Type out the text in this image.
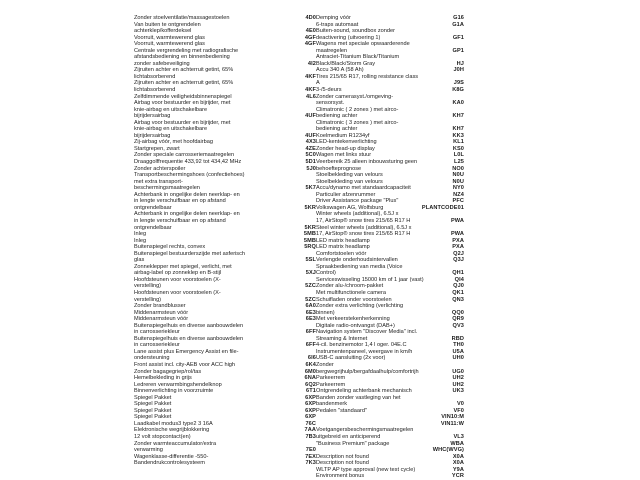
Zonder stoelventilatie/massagestoelen	4D0
Van buiten te ontgrendelen
achterklep/kofferdeksel	4E0
Voorruit, warmtewerend glas	4GF
Voorruit, warmtewerend glas	4GF
Centrale vergrendeling met radiografische
afstandsbediening en binnenbediening
zonder safebeveiliging	4I2
Zijruiten achter en achterruit getint, 65%
lichtabsorberend	4KF
Zijruiten achter en achterruit getint, 65%
lichtabsorberend	4KF
Zelfdimmende veiligheidsbinnenspiegel	4L6
Airbag voor bestuurder en bijrijder, met
knie-airbag en uitschakelbare
bijrijdersairbag	4UF
Airbag voor bestuurder en bijrijder, met
knie-airbag en uitschakelbare
bijrijdersairbag	4UF
Zij-airbag vóór, met hoofdairbag	4X3
Startgrepen, zwart	4ZE
Zonder speciale carrosseriemaatregelen	5C0
Draaggolffrequentie 433,92 tot 434,42 MHz	5D1
Zonder achterspoiler	5J0
Transportbeschermingshoes (confectiehoes)
met extra transport-
beschermingsmaatregelen	5K7
Achterbank in ongelijke delen neerklap- en
in lengte verschuifbaar en op afstand
ontgrendelbaar	5KR
Achterbank in ongelijke delen neerklap- en
in lengte verschuifbaar en op afstand
ontgrendelbaar	5KR
Inleg	5MB
Inleg	5MB
Buitenspiegel rechts, convex	5RQ
Buitenspiegel bestuurderszijde met asferisch
glas	5SL
Zonneklepper met spiegel, verlicht, met
airbag-label op zonneklep en B-stijl	5XJ
Hoofdsteunen voor voorstoelen (X-
verstelling)	5ZC
Hoofdsteunen voor voorstoelen (X-
verstelling)	5ZC
Zonder brandblusser	6A0
Middenarmsteun vóór	6E3
Middenarmsteun vóór	6E3
Buitenspiegelhuis en diverse aanbouwdelen
in carrosseriekleur	6FF
Buitenspiegelhuis en diverse aanbouwdelen
in carrosseriekleur	6FF
Lane assist plus Emergency Assist en file-
ondersteuning	6I6
Front assist incl. city-AEB voor ACC high	6K4
Zonder bagagegriep/rol/tas	6M0
Hemelbekleding in grijs	6NA
Ledreren verwarmbingshendelknop	6Q2
Binnenverlichting in voorzruimte	6T1
Spiegel Pakket	6XP
Spiegel Pakket	6XP
Spiegel Pakket	6XP
Spiegel Pakket	6XP
Laadkabel modus3 type2 3 16A	76C
Elektronische wegrijblokkering	7AA
12 volt stopcontact(en)	7B3
Zonder warmteaccumulator/extra
verwarming	7E0
Wagenklasse-differentie -550-	7EX
Bandendrukcontrolesysteem	7K3
Demping vóór	G16
6-traps automaat	G1A
Buiten-sound, soundbox zonder
deactivering (uitvoering 1)	GF1
Wagens met speciale opwaarderende
maatregelen	GP1
Antraciet-Titanium Black/Titanium
Black/Black/Storm Gray	HJ
Accu 340 A (58 Ah)	J0H
Tires 215/65 R17, rolling resistance class
A	J9S
3-/5-deurs	K8G
Zonder camerasyst./omgeving-
sensorsyst.	KA0
Climatronic ( 2 zones ) met airco-
bediening achter	KH7
Climatronic ( 3 zones ) met airco-
bediening achter	KH7
Koelmedium R1234yf	KK3
LED-kentekenverlichting	KL1
Zonder head-up display	KS0
Wagen met links stuur	L0L
Veerbereik 25 alleen inbouwsturing geen	L25
behoefteprognose	NO0
Stoelbekleding van velours	N0U
Stoelbekleding van velours	N0U
Accu/dynamo met standaardcapaciteit	NY0
Particulier afzenrummer	NZ4
Driver Assistance package "Plus"	PFC
Volkswagen AG, Wolfsburg	PLANTCODE01
Winter wheels (additional), 6.5J x
17, AirStop® snow tires 215/65 R17 H	PWA
Steel winter wheels (additional), 6.5J x
17, AirStop® snow tires 215/65 R17 H	PWA
LED matrix headlamp	PXA
LED matrix headlamp	PXA
Comfortstoelen vóór	Q2J
Verlengde onderhoudsintervallen	Q3J
Spraakbediening van media (Voice
Control)	QH1
Serviceswisseling 15000 km of 1 jaar (vast)	QI4
Zonder alu-/chroom-pakket	QJ0
Met multifunctionele camera	QK1
Schuifladen onder voorstoelen	QN3
Zonder extra verlichting (verlichting
binnen)	QQ0
Met verkeerstekenherkenning	QR9
Digitale radio-ontvangst (DAB+)	QV3
Navigation system "Discover Media" incl.
Streaming & Internet	RBD
4-cil. benzinemotor 1,4 l oger. 04E.C	TH0
Instrumentenpaneel, weergave in km/h	U5A
USB-C aansluiting (2x voor)	UH0
Zonder
bergwegrijhulp/bergafdaalhulp/comfortrijh	UG0
Parkeerrem	UH2
Parkeerrem	UH2
Ontgrendeling achterbank mechanisch	UK3
Banden zonder vastleging van het
bandenmerk	V0
Pedalen "standaard"	VF0
VIN10:M
VIN11:W
Voetgangersbeschermingsmaatregelen
uitgebreid en anticiperend	VL3
"Business Premium" package	WBA
WHC(WVG)
Description not found	X0A
Description not found	X0A
WLTP AP type approval (new test cycle)	Y9A
Environment bonus	YCR
